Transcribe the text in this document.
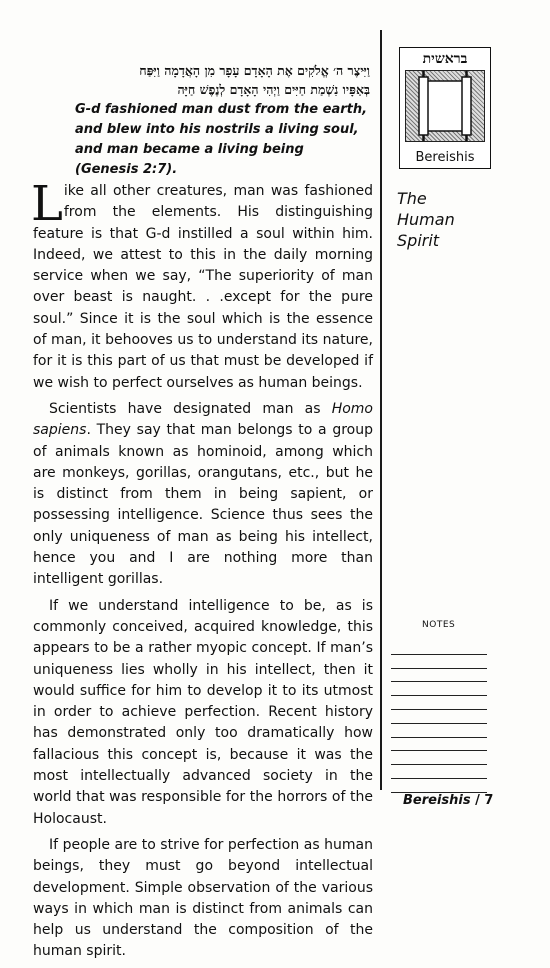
בראשית
Bereishis
וַיִּיצֶר ה׳ אֱלֹקִים אֶת הָאָדָם עָפָר מִן הָאֲדָמָה וַיִּפַּח
בְּאַפָּיו נִשְׁמַת חַיִּים וַיְהִי הָאָדָם לְנֶפֶשׁ חַיָּה
G-d fashioned man dust from the earth, and blew into his nostrils a living soul, and man became a living being (Genesis 2:7).
The
Human
Spirit

Like all other creatures, man was fashioned from the elements. His distinguishing feature is that G-d instilled a soul within him. Indeed, we attest to this in the daily morning service when we say, “The superiority of man over beast is naught. . .except for the pure soul.” Since it is the soul which is the essence of man, it behooves us to understand its nature, for it is this part of us that must be developed if we wish to perfect ourselves as human beings.

Scientists have designated man as Homo sapiens. They say that man belongs to a group of animals known as hominoid, among which are monkeys, gorillas, orangutans, etc., but he is distinct from them in being sapient, or possessing intelligence. Science thus sees the only uniqueness of man as being his intellect, hence you and I are nothing more than intelligent gorillas.

If we understand intelligence to be, as is commonly conceived, acquired knowledge, this appears to be a rather myopic concept. If man’s uniqueness lies wholly in his intellect, then it would suffice for him to develop it to its utmost in order to achieve perfection. Recent history has demonstrated only too dramatically how fallacious this concept is, because it was the most intellectually advanced society in the world that was responsible for the horrors of the Holocaust.

If people are to strive for perfection as human beings, they must go beyond intellectual development. Simple observation of the various ways in which man is distinct from animals can help us understand the composition of the human spirit.

NOTES
Bereishis / 7
